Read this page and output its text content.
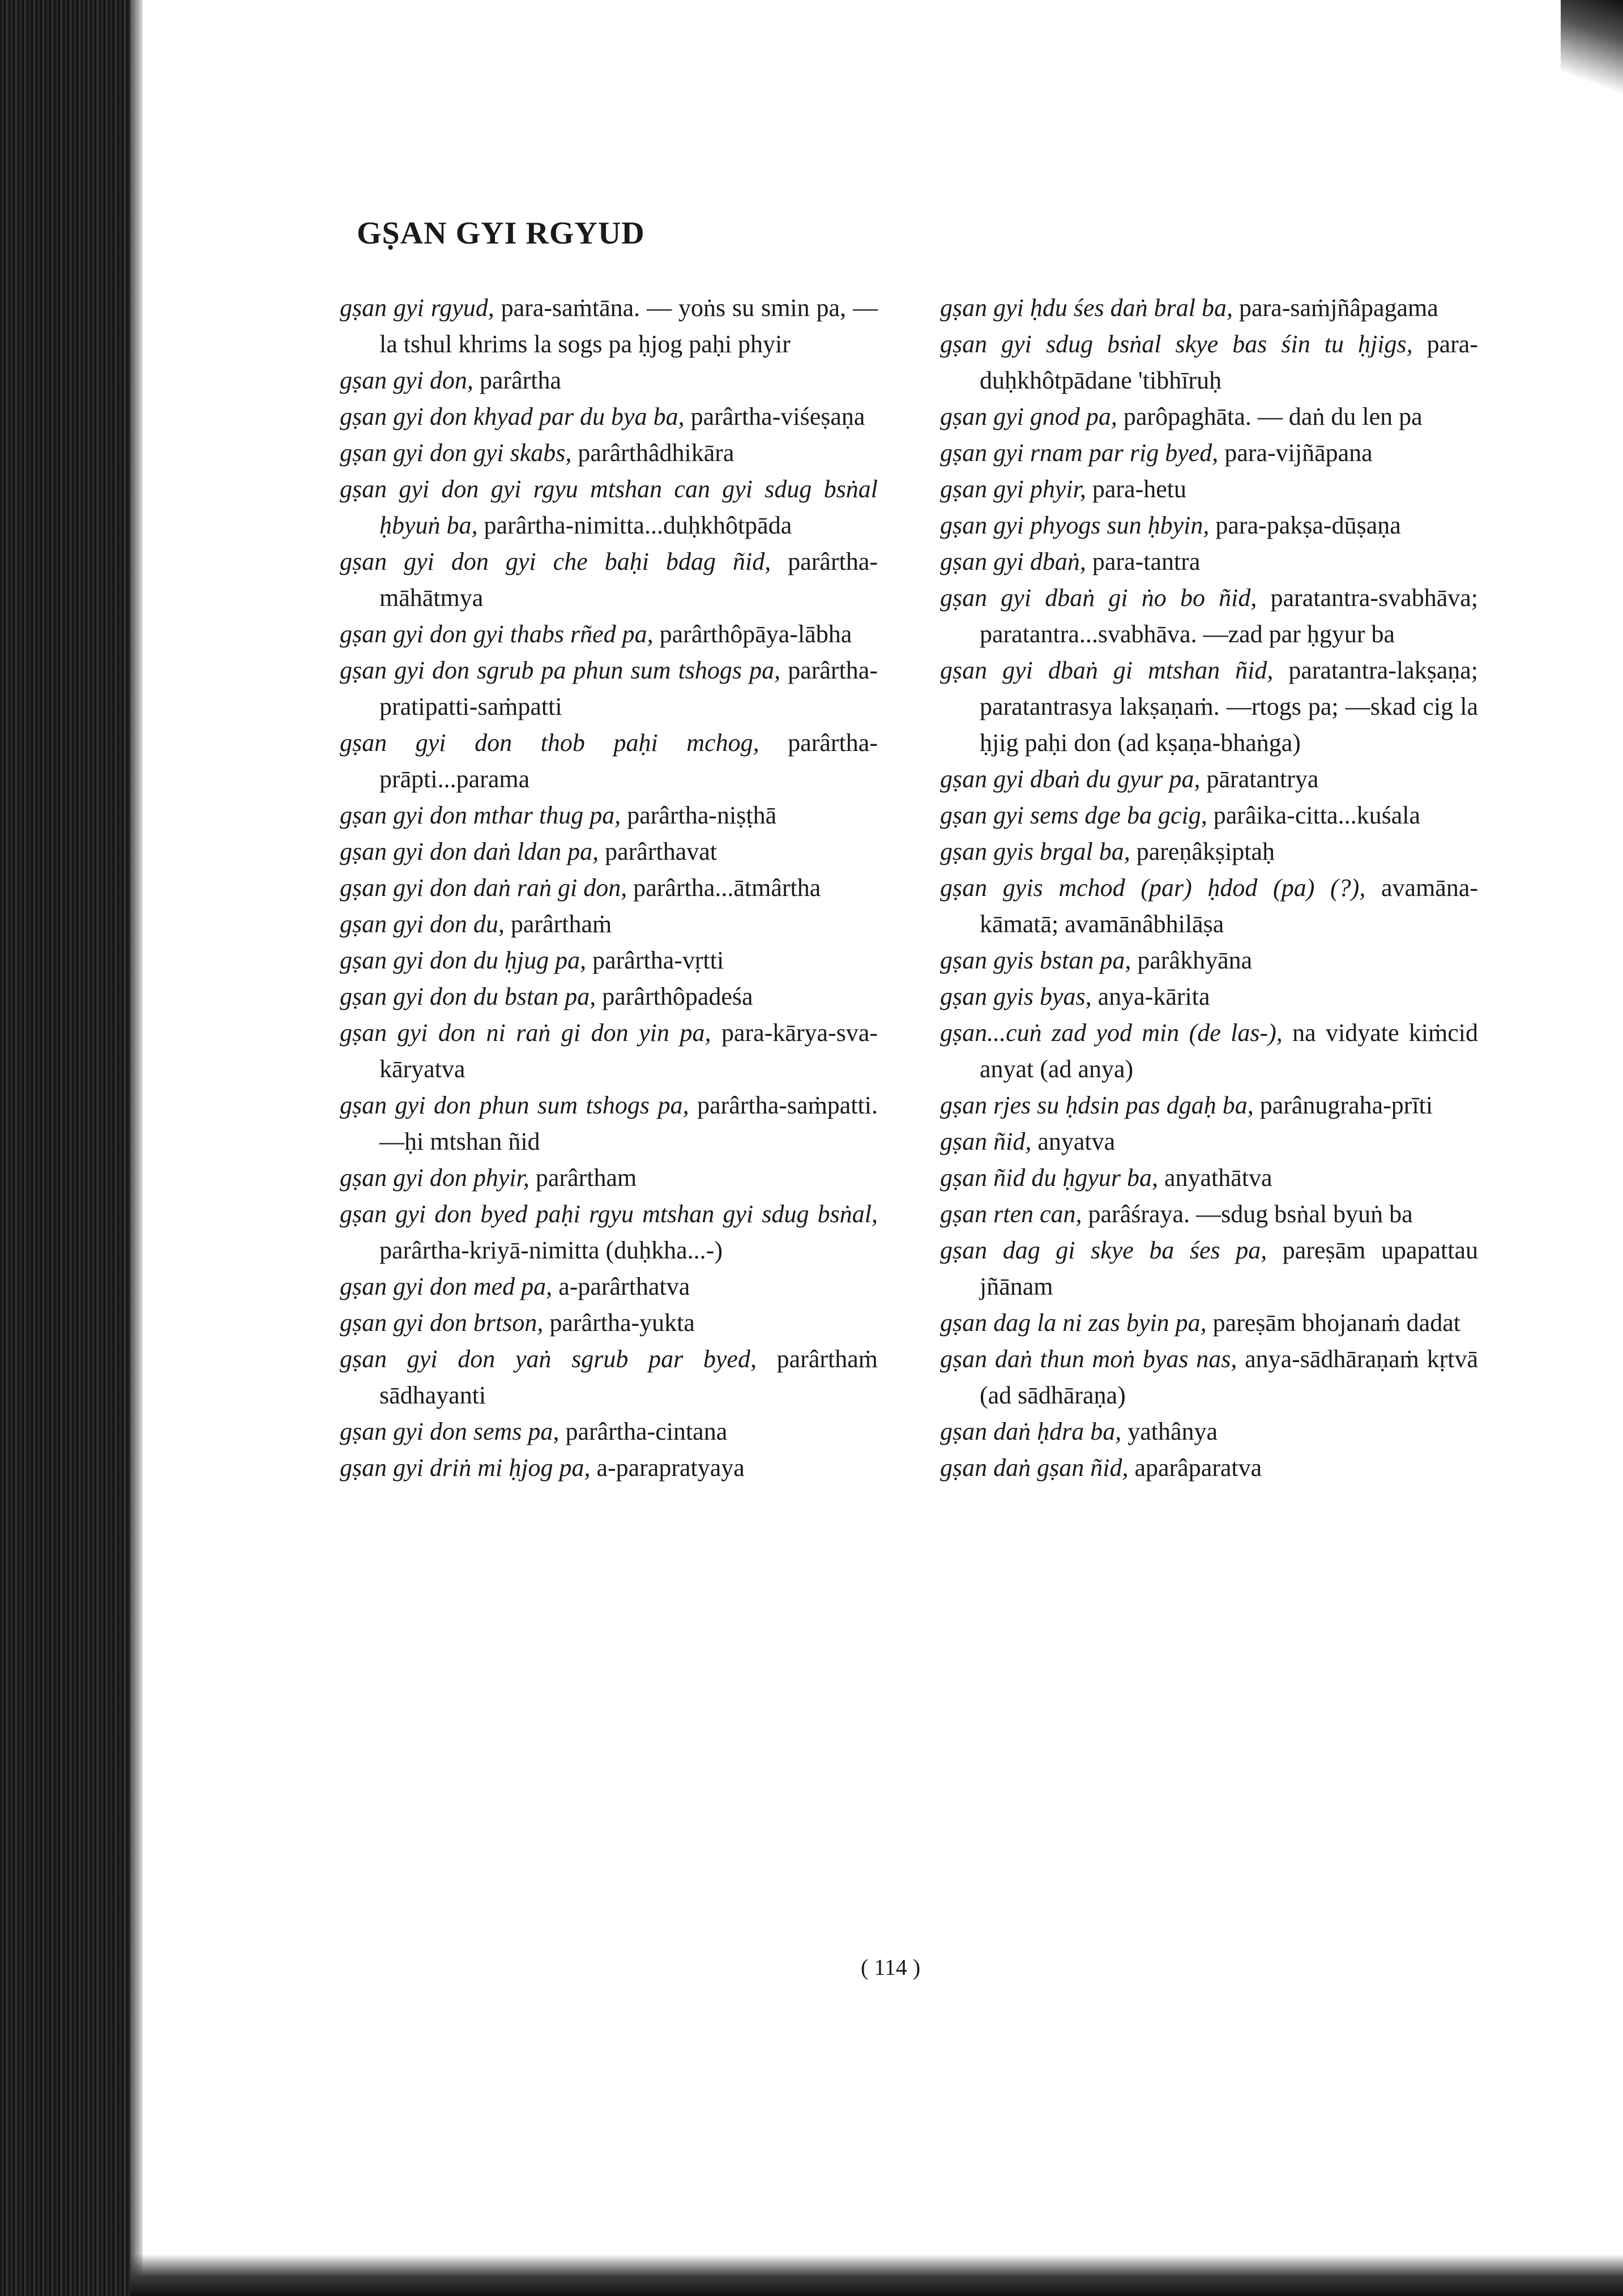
GṢAN GYI RGYUD

gṣan gyi rgyud, para-saṁtāna. — yoṅs su smin pa, —la tshul khrims la sogs pa ḥjog paḥi phyir

gṣan gyi don, parârtha

gṣan gyi don khyad par du bya ba, parârtha-viśeṣaṇa

gṣan gyi don gyi skabs, parârthâdhikāra

gṣan gyi don gyi rgyu mtshan can gyi sdug bsṅal ḥbyuṅ ba, parârtha-nimitta...duḥkhôtpāda

gṣan gyi don gyi che baḥi bdag ñid, parârtha-māhātmya

gṣan gyi don gyi thabs rñed pa, parârthôpāya-lābha

gṣan gyi don sgrub pa phun sum tshogs pa, parârtha-pratipatti-saṁpatti

gṣan gyi don thob paḥi mchog, parârtha-prāpti...parama

gṣan gyi don mthar thug pa, parârtha-niṣṭhā

gṣan gyi don daṅ ldan pa, parârthavat

gṣan gyi don daṅ raṅ gi don, parârtha...ātmârtha

gṣan gyi don du, parârthaṁ

gṣan gyi don du ḥjug pa, parârtha-vṛtti

gṣan gyi don du bstan pa, parârthôpadeśa

gṣan gyi don ni raṅ gi don yin pa, para-kārya-sva-kāryatva

gṣan gyi don phun sum tshogs pa, parârtha-saṁpatti. —ḥi mtshan ñid

gṣan gyi don phyir, parârtham

gṣan gyi don byed paḥi rgyu mtshan gyi sdug bsṅal, parârtha-kriyā-nimitta (duḥkha...-)

gṣan gyi don med pa, a-parârthatva

gṣan gyi don brtson, parârtha-yukta

gṣan gyi don yaṅ sgrub par byed, parârthaṁ sādhayanti

gṣan gyi don sems pa, parârtha-cintana

gṣan gyi driṅ mi ḥjog pa, a-parapratyaya

gṣan gyi ḥdu śes daṅ bral ba, para-saṁjñâpagama

gṣan gyi sdug bsṅal skye bas śin tu ḥjigs, para-duḥkhôtpādane 'tibhīruḥ

gṣan gyi gnod pa, parôpaghāta. — daṅ du len pa

gṣan gyi rnam par rig byed, para-vijñāpana

gṣan gyi phyir, para-hetu

gṣan gyi phyogs sun ḥbyin, para-pakṣa-dūṣaṇa

gṣan gyi dbaṅ, para-tantra

gṣan gyi dbaṅ gi ṅo bo ñid, paratantra-svabhāva; paratantra...svabhāva. —zad par ḥgyur ba

gṣan gyi dbaṅ gi mtshan ñid, paratantra-lakṣaṇa; paratantrasya lakṣaṇaṁ. —rtogs pa; —skad cig la ḥjig paḥi don (ad kṣaṇa-bhaṅga)

gṣan gyi dbaṅ du gyur pa, pāratantrya

gṣan gyi sems dge ba gcig, parâika-citta...kuśala

gṣan gyis brgal ba, pareṇâkṣiptaḥ

gṣan gyis mchod (par) ḥdod (pa) (?), avamāna-kāmatā; avamānâbhilāṣa

gṣan gyis bstan pa, parâkhyāna

gṣan gyis byas, anya-kārita

gṣan...cuṅ zad yod min (de las-), na vidyate kiṁcid anyat (ad anya)

gṣan rjes su ḥdsin pas dgaḥ ba, parânugraha-prīti

gṣan ñid, anyatva

gṣan ñid du ḥgyur ba, anyathātva

gṣan rten can, parâśraya. —sdug bsṅal byuṅ ba

gṣan dag gi skye ba śes pa, pareṣām upapattau jñānam

gṣan dag la ni zas byin pa, pareṣām bhojanaṁ dadat

gṣan daṅ thun moṅ byas nas, anya-sādhāraṇaṁ kṛtvā (ad sādhāraṇa)

gṣan daṅ ḥdra ba, yathânya

gṣan daṅ gṣan ñid, aparâparatva

( 114 )
